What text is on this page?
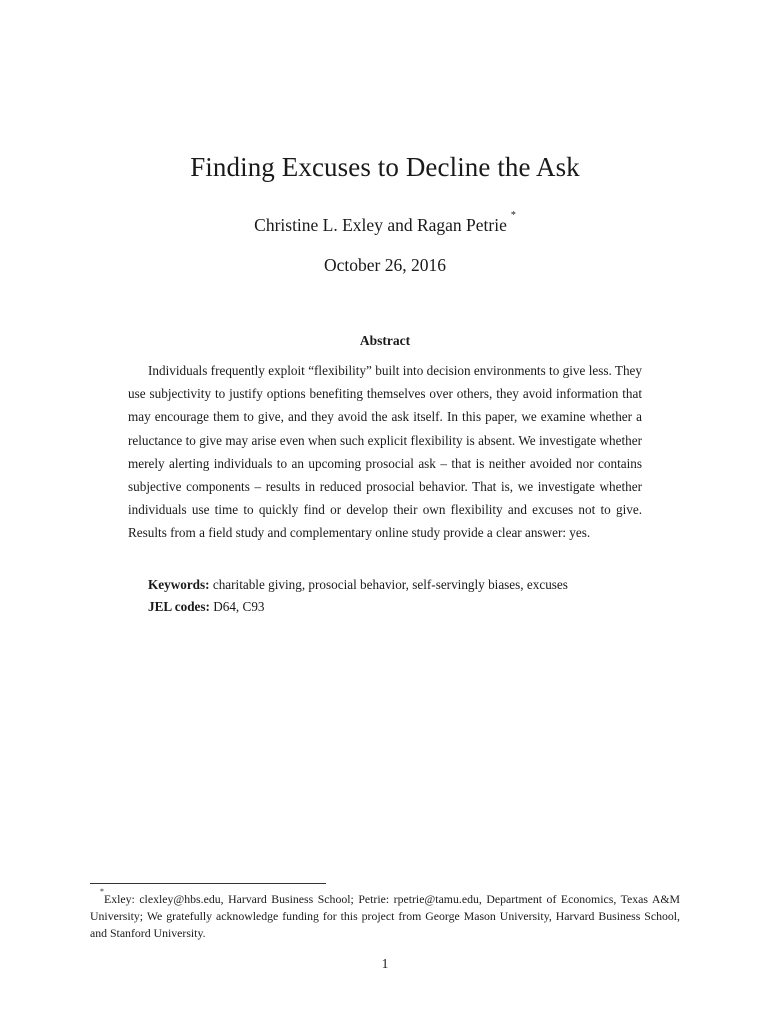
Finding Excuses to Decline the Ask
Christine L. Exley and Ragan Petrie *
October 26, 2016
Abstract

Individuals frequently exploit “flexibility” built into decision environments to give less. They use subjectivity to justify options benefiting themselves over others, they avoid information that may encourage them to give, and they avoid the ask itself. In this paper, we examine whether a reluctance to give may arise even when such explicit flexibility is absent. We investigate whether merely alerting individuals to an upcoming prosocial ask – that is neither avoided nor contains subjective components – results in reduced prosocial behavior. That is, we investigate whether individuals use time to quickly find or develop their own flexibility and excuses not to give. Results from a field study and complementary online study provide a clear answer: yes.

Keywords: charitable giving, prosocial behavior, self-servingly biases, excuses
JEL codes: D64, C93

*Exley: clexley@hbs.edu, Harvard Business School; Petrie: rpetrie@tamu.edu, Department of Economics, Texas A&M University; We gratefully acknowledge funding for this project from George Mason University, Harvard Business School, and Stanford University.

1
